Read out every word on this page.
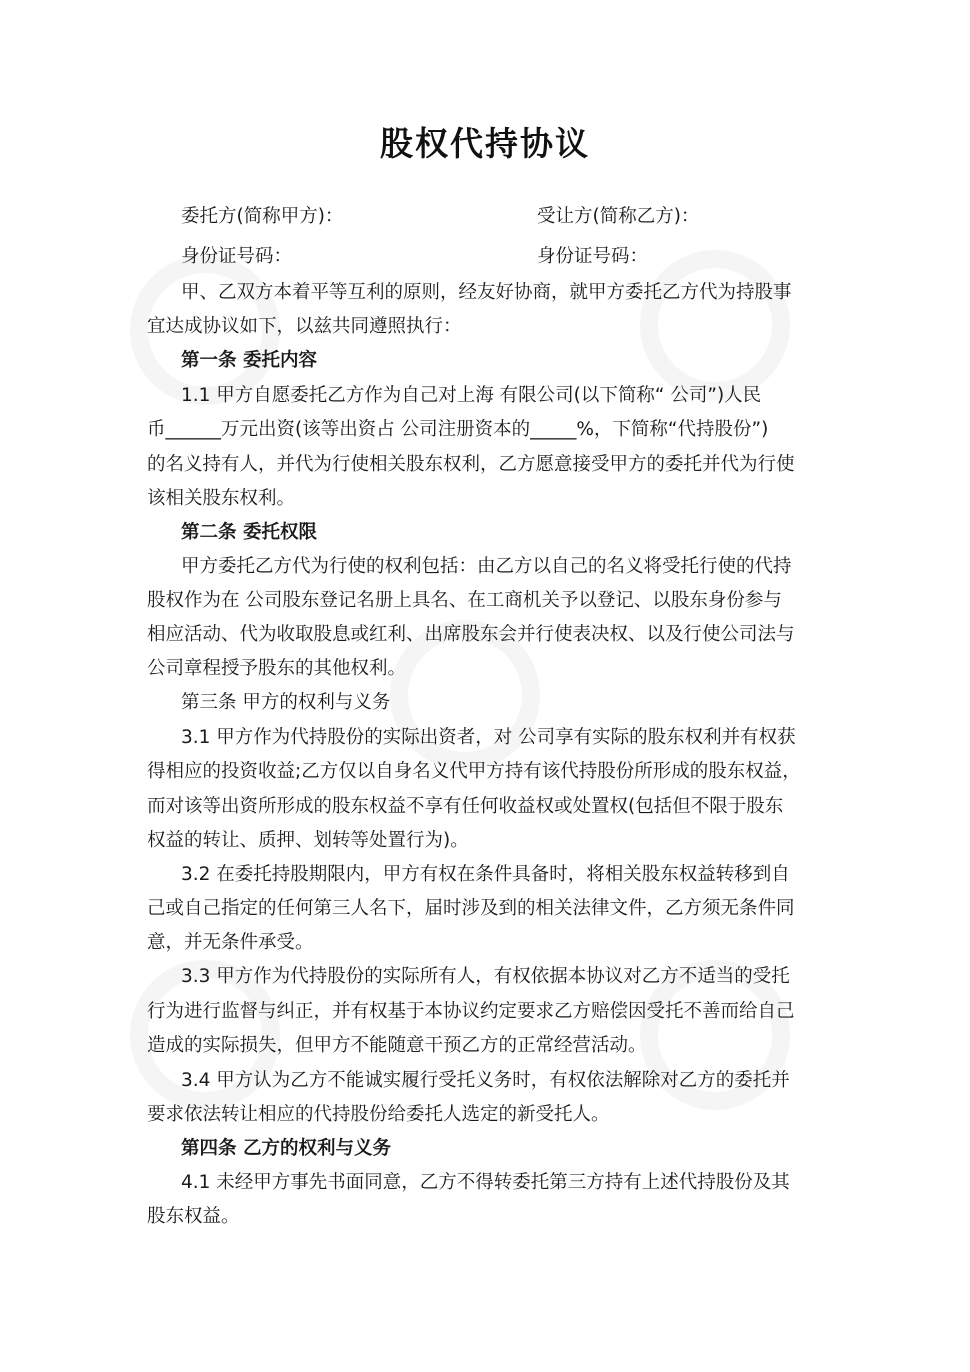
股权代持协议
委托方(简称甲方)：	受让方(简称乙方)：
身份证号码：	身份证号码：
甲、乙双方本着平等互利的原则，经友好协商，就甲方委托乙方代为持股事
宜达成协议如下，以兹共同遵照执行：
第一条 委托内容
1.1 甲方自愿委托乙方作为自己对上海 有限公司(以下简称“ 公司”)人民
币______万元出资(该等出资占 公司注册资本的_____%，下简称“代持股份”)
的名义持有人，并代为行使相关股东权利，乙方愿意接受甲方的委托并代为行使
该相关股东权利。
第二条 委托权限
甲方委托乙方代为行使的权利包括：由乙方以自己的名义将受托行使的代持
股权作为在 公司股东登记名册上具名、在工商机关予以登记、以股东身份参与
相应活动、代为收取股息或红利、出席股东会并行使表决权、以及行使公司法与
公司章程授予股东的其他权利。
第三条 甲方的权利与义务
3.1 甲方作为代持股份的实际出资者，对 公司享有实际的股东权利并有权获
得相应的投资收益;乙方仅以自身名义代甲方持有该代持股份所形成的股东权益，
而对该等出资所形成的股东权益不享有任何收益权或处置权(包括但不限于股东
权益的转让、质押、划转等处置行为)。
3.2 在委托持股期限内，甲方有权在条件具备时，将相关股东权益转移到自
己或自己指定的任何第三人名下，届时涉及到的相关法律文件，乙方须无条件同
意，并无条件承受。
3.3 甲方作为代持股份的实际所有人，有权依据本协议对乙方不适当的受托
行为进行监督与纠正，并有权基于本协议约定要求乙方赔偿因受托不善而给自己
造成的实际损失，但甲方不能随意干预乙方的正常经营活动。
3.4 甲方认为乙方不能诚实履行受托义务时，有权依法解除对乙方的委托并
要求依法转让相应的代持股份给委托人选定的新受托人。
第四条 乙方的权利与义务
4.1 未经甲方事先书面同意，乙方不得转委托第三方持有上述代持股份及其
股东权益。
